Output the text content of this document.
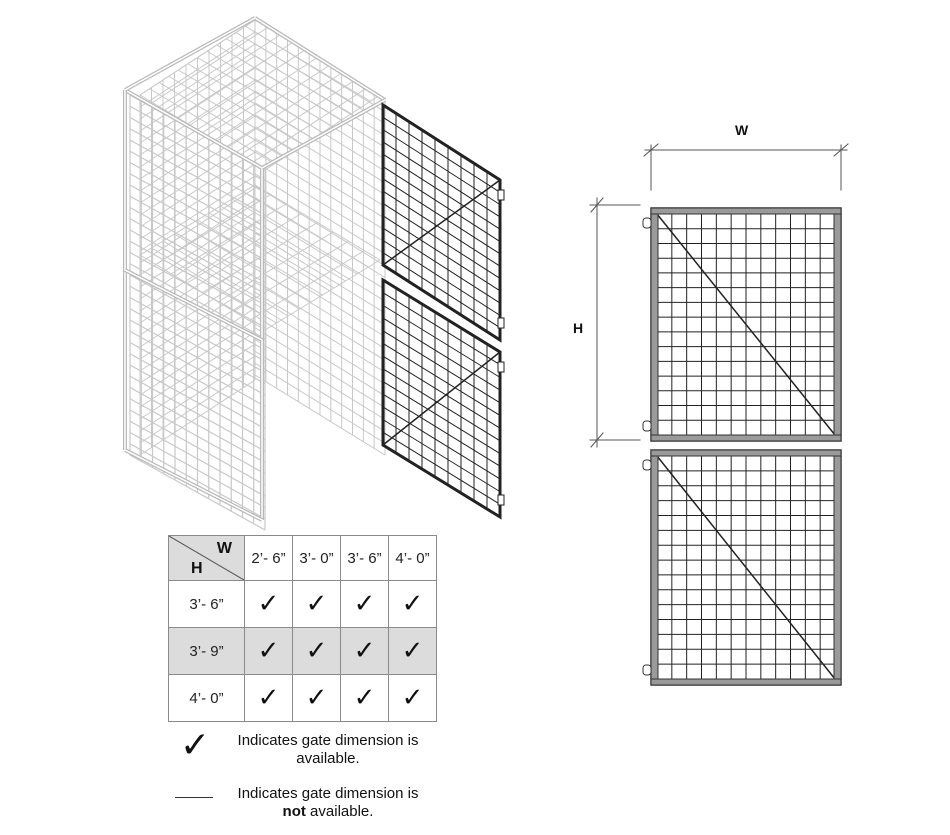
W
H
W
H	2’- 6”	3’- 0”	3’- 6”	4’- 0”
3’- 6”	✓	✓	✓	✓
3’- 9”	✓	✓	✓	✓
4’- 0”	✓	✓	✓	✓
✓	Indicates gate dimension is available.
Indicates gate dimension is
not available.
